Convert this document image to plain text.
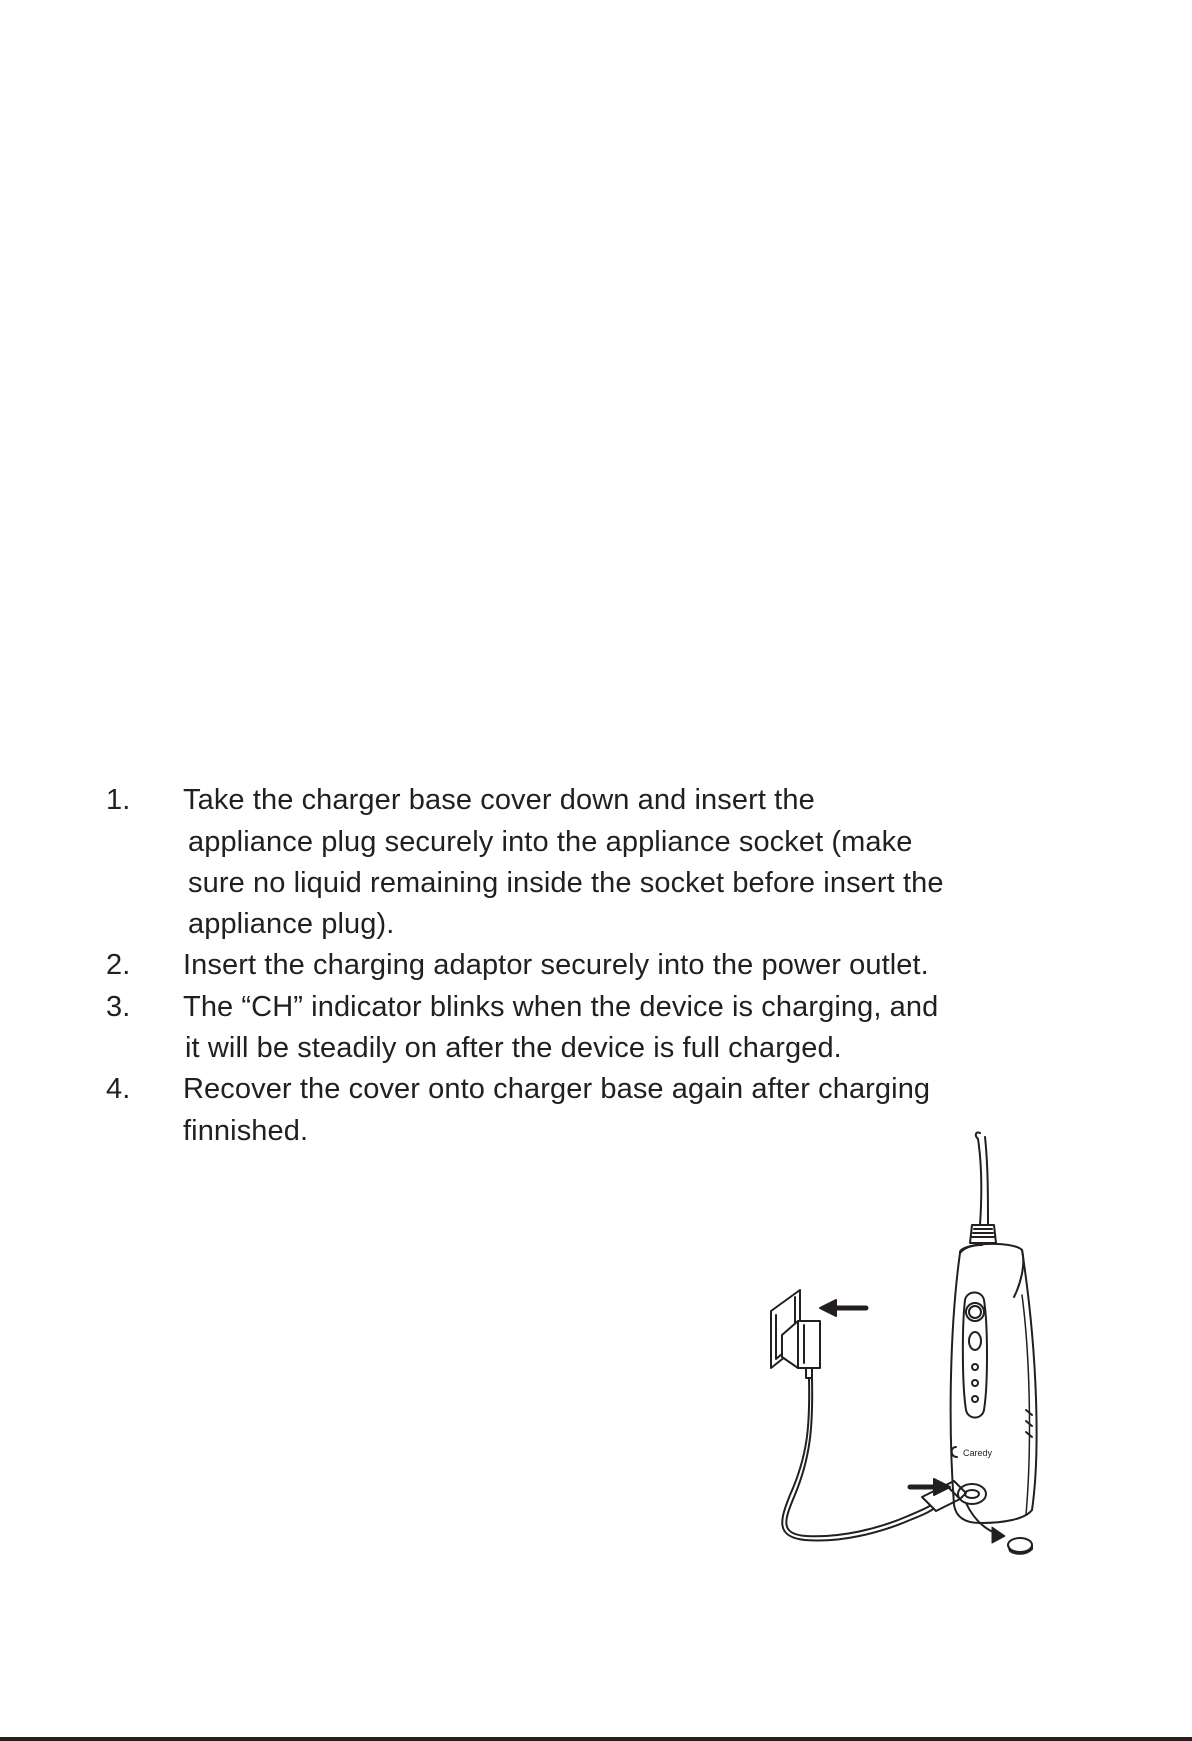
1. Take the charger base cover down and insert the
appliance plug securely into the appliance socket (make
sure no liquid remaining inside the socket before insert the
appliance plug).
2. Insert the charging adaptor securely into the power outlet.
3. The “CH” indicator blinks when the device is charging, and
it will be steadily on after the device is full charged.
4. Recover the cover onto charger base again after charging
finnished.
Caredy
